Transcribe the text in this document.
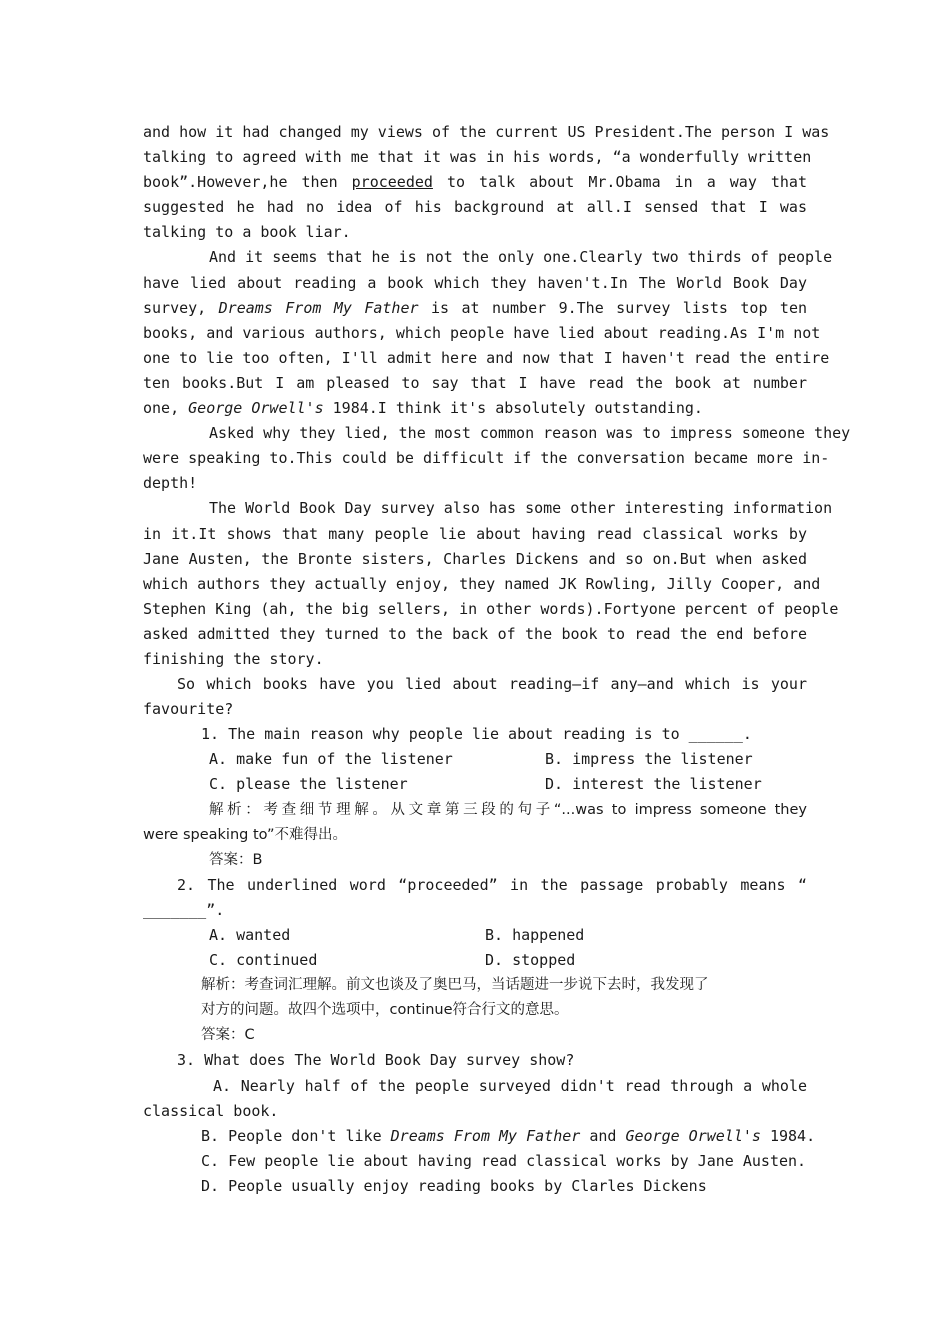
and how it had changed my views of the current US President.The person I was
talking to agreed with me that it was in his words, “a wonderfully written
book”.However,he then proceeded to talk about Mr.Obama in a way that
suggested he had no idea of his background at all.I sensed that I was
talking to a book liar.
And it seems that he is not the only one.Clearly two thirds of people
have lied about reading a book which they haven't.In The World Book Day
survey, Dreams From My Father is at number 9.The survey lists top ten
books, and various authors, which people have lied about reading.As I'm not
one to lie too often, I'll admit here and now that I haven't read the entire
ten books.But I am pleased to say that I have read the book at number
one, George Orwell's 1984.I think it's absolutely outstanding.
Asked why they lied, the most common reason was to impress someone they
were speaking to.This could be difficult if the conversation became more in-
depth!
The World Book Day survey also has some other interesting information
in it.It shows that many people lie about having read classical works by
Jane Austen, the Bronte sisters, Charles Dickens and so on.But when asked
which authors they actually enjoy, they named JK Rowling, Jilly Cooper, and
Stephen King (ah, the big sellers, in other words).Fortyone percent of people
asked admitted they turned to the back of the book to read the end before
finishing the story.
So which books have you lied about reading—if any—and which is your
favourite?
1. The main reason why people lie about reading is to ______.
A. make fun of the listener	B. impress the listener
C. please the listener	D. interest the listener
解析：考查细节理解。从文章第三段的句子“...was to impress someone they
were speaking to”不难得出。
答案：B
2. The underlined word “proceeded” in the passage probably means “
_______”.
A. wanted	B. happened
C. continued	D. stopped
解析：考查词汇理解。前文也谈及了奥巴马，当话题进一步说下去时，我发现了
对方的问题。故四个选项中，continue符合行文的意思。
答案：C
3. What does The World Book Day survey show?
A. Nearly half of the people surveyed didn't read through a whole
classical book.
B. People don't like Dreams From My Father and George Orwell's 1984.
C. Few people lie about having read classical works by Jane Austen.
D. People usually enjoy reading books by Clarles Dickens
